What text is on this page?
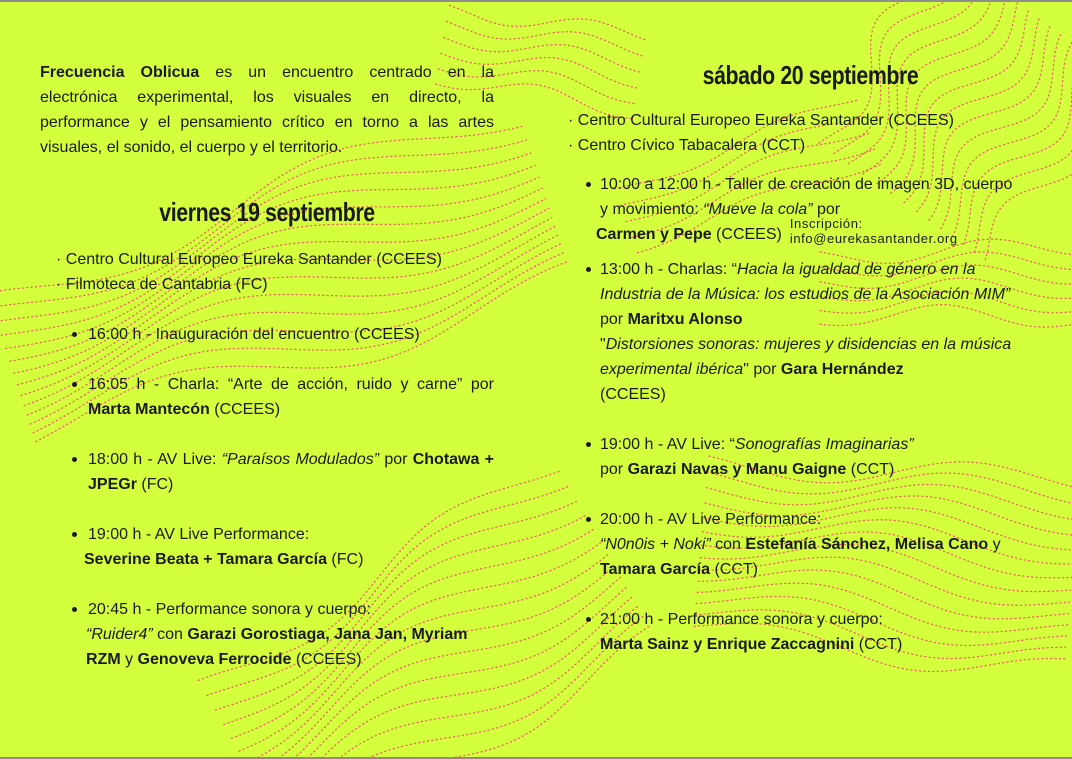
Frecuencia Oblicua es un encuentro centrado en la electrónica experimental, los visuales en directo, la performance y el pensamiento crítico en torno a las artes visuales, el sonido, el cuerpo y el territorio.

viernes 19 septiembre
· Centro Cultural Europeo Eureka Santander (CCEES)
· Filmoteca de Cantabria (FC)
16:00 h - Inauguración del encuentro (CCEES)
16:05 h - Charla: “Arte de acción, ruido y carne” por Marta Mantecón (CCEES)
18:00 h - AV Live: “Paraísos Modulados” por Chotawa + JPEGr (FC)
19:00 h - AV Live Performance:
Severine Beata + Tamara García (FC)
20:45 h - Performance sonora y cuerpo:
“Ruider4” con Garazi Gorostiaga, Jana Jan, Myriam RZM y Genoveva Ferrocide (CCEES)
sábado 20 septiembre
· Centro Cultural Europeo Eureka Santander (CCEES)
· Centro Cívico Tabacalera (CCT)
10:00 a 12:00 h - Taller de creación de imagen 3D, cuerpo y movimiento: “Mueve la cola” por
Carmen y Pepe (CCEES)Inscripción:
info@eurekasantander.org
13:00 h - Charlas: “Hacia la igualdad de género en la Industria de la Música: los estudios de la Asociación MIM” por Maritxu Alonso
"Distorsiones sonoras: mujeres y disidencias en la música experimental ibérica" por Gara Hernández
(CCEES)
19:00 h - AV Live: “Sonografías Imaginarias”
por Garazi Navas y Manu Gaigne (CCT)
20:00 h - AV Live Performance:
“N0n0is + Noki” con Estefanía Sánchez, Melisa Cano y Tamara García (CCT)
21:00 h - Performance sonora y cuerpo:
Marta Sainz y Enrique Zaccagnini (CCT)
